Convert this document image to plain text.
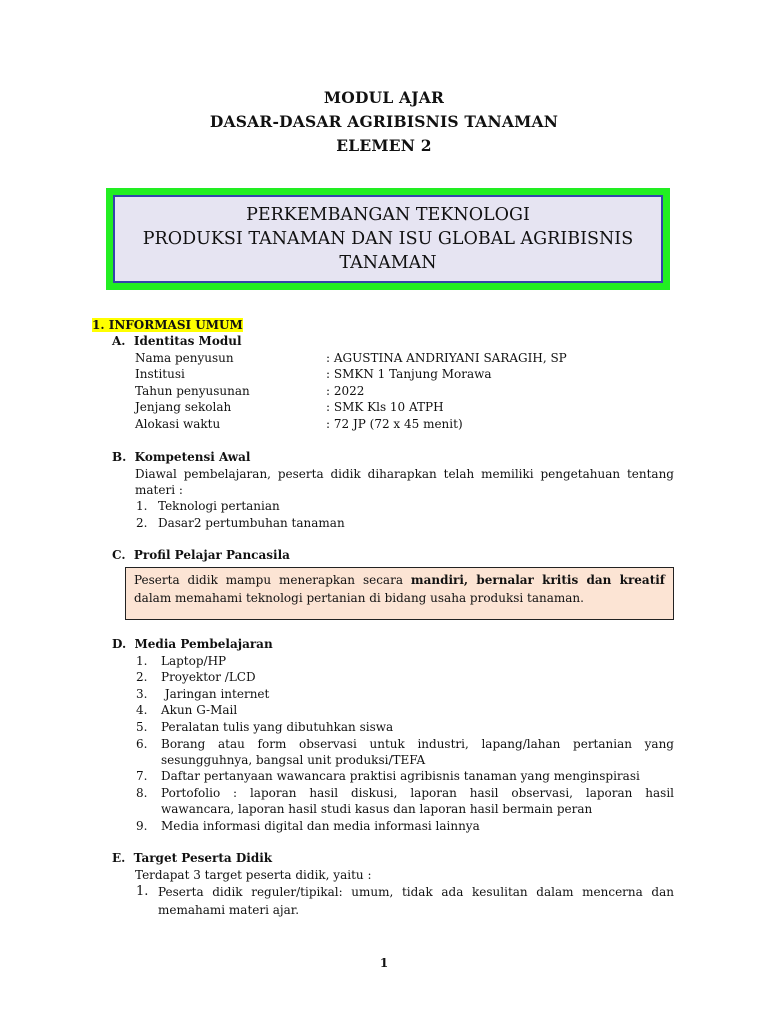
MODUL AJAR
DASAR-DASAR AGRIBISNIS TANAMAN
ELEMEN 2
PERKEMBANGAN TEKNOLOGI
PRODUKSI TANAMAN DAN ISU GLOBAL AGRIBISNIS
TANAMAN
1. INFORMASI UMUM
A.  Identitas Modul
Nama penyusun	: AGUSTINA ANDRIYANI SARAGIH, SP
Institusi	: SMKN 1 Tanjung Morawa
Tahun penyusunan	: 2022
Jenjang sekolah	: SMK Kls 10 ATPH
Alokasi waktu	: 72 JP (72 x 45 menit)
B.  Kompetensi Awal
Diawal pembelajaran, peserta didik diharapkan telah memiliki pengetahuan tentang
materi :
1. Teknologi pertanian
2. Dasar2 pertumbuhan tanaman
C.  Profil Pelajar Pancasila
Peserta didik mampu menerapkan secara mandiri, bernalar kritis dan kreatif
dalam memahami teknologi pertanian di bidang usaha produksi tanaman.
D.  Media Pembelajaran
1. Laptop/HP
2. Proyektor /LCD
3. Jaringan internet
4. Akun G-Mail
5. Peralatan tulis yang dibutuhkan siswa
6. Borang atau form observasi untuk industri, lapang/lahan pertanian yang
sesungguhnya, bangsal unit produksi/TEFA
7. Daftar pertanyaan wawancara praktisi agribisnis tanaman yang menginspirasi
8. Portofolio : laporan hasil diskusi, laporan hasil observasi, laporan hasil
wawancara, laporan hasil studi kasus dan laporan hasil bermain peran
9. Media informasi digital dan media informasi lainnya
E.  Target Peserta Didik
Terdapat 3 target peserta didik, yaitu :
1. Peserta didik reguler/tipikal: umum, tidak ada kesulitan dalam mencerna dan
memahami materi ajar.
1
